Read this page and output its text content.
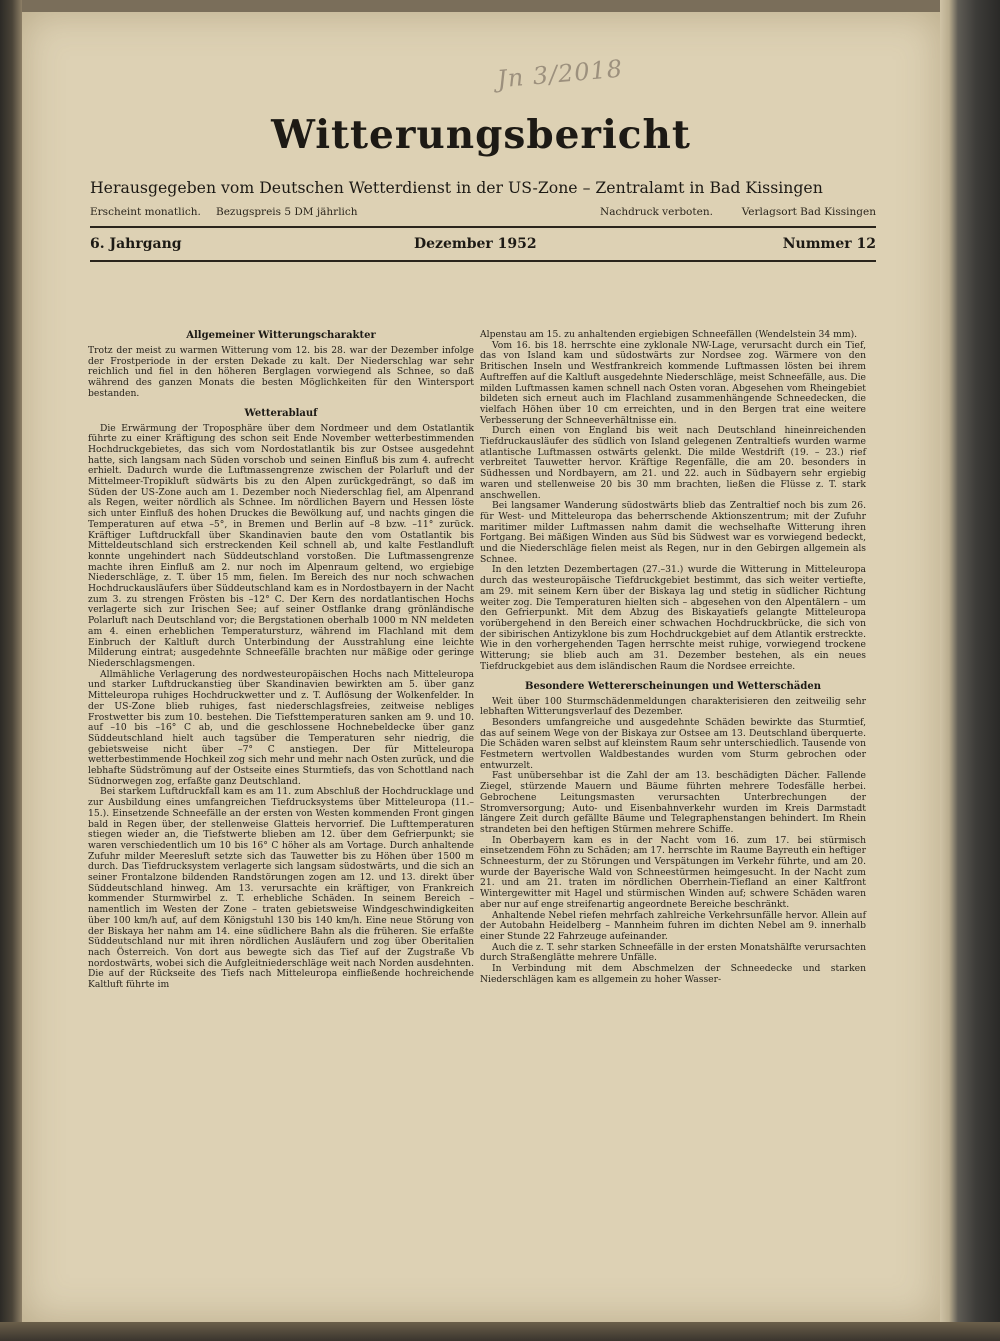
Jn 3/2018
Witterungsbericht
Herausgegeben vom Deutschen Wetterdienst in der US-Zone – Zentralamt in Bad Kissingen
Erscheint monatlich. Bezugspreis 5 DM jährlich	Nachdruck verboten.	Verlagsort Bad Kissingen
6. Jahrgang	Dezember 1952	Nummer 12
Allgemeiner Witterungscharakter

Trotz der meist zu warmen Witterung vom 12. bis 28. war der Dezember infolge der Frostperiode in der ersten Dekade zu kalt. Der Niederschlag war sehr reichlich und fiel in den höheren Berglagen vorwiegend als Schnee, so daß während des ganzen Monats die besten Möglichkeiten für den Wintersport bestanden.

Wetterablauf

Die Erwärmung der Troposphäre über dem Nordmeer und dem Ostatlantik führte zu einer Kräftigung des schon seit Ende November wetterbestimmenden Hochdruckgebietes, das sich vom Nordostatlantik bis zur Ostsee ausgedehnt hatte, sich langsam nach Süden vorschob und seinen Einfluß bis zum 4. aufrecht erhielt. Dadurch wurde die Luftmassengrenze zwischen der Polarluft und der Mittelmeer-Tropikluft südwärts bis zu den Alpen zurückgedrängt, so daß im Süden der US-Zone auch am 1. Dezember noch Niederschlag fiel, am Alpenrand als Regen, weiter nördlich als Schnee. Im nördlichen Bayern und Hessen löste sich unter Einfluß des hohen Druckes die Bewölkung auf, und nachts gingen die Temperaturen auf etwa –5°, in Bremen und Berlin auf –8 bzw. –11° zurück. Kräftiger Luftdruckfall über Skandinavien baute den vom Ostatlantik bis Mitteldeutschland sich erstreckenden Keil schnell ab, und kalte Festlandluft konnte ungehindert nach Süddeutschland vorstoßen. Die Luftmassengrenze machte ihren Einfluß am 2. nur noch im Alpenraum geltend, wo ergiebige Niederschläge, z. T. über 15 mm, fielen. Im Bereich des nur noch schwachen Hochdruckausläufers über Süddeutschland kam es in Nordostbayern in der Nacht zum 3. zu strengen Frösten bis –12° C. Der Kern des nordatlantischen Hochs verlagerte sich zur Irischen See; auf seiner Ostflanke drang grönländische Polarluft nach Deutschland vor; die Bergstationen oberhalb 1000 m NN meldeten am 4. einen erheblichen Temperatursturz, während im Flachland mit dem Einbruch der Kaltluft durch Unterbindung der Ausstrahlung eine leichte Milderung eintrat; ausgedehnte Schneefälle brachten nur mäßige oder geringe Niederschlagsmengen.

Allmähliche Verlagerung des nordwesteuropäischen Hochs nach Mitteleuropa und starker Luftdruckanstieg über Skandinavien bewirkten am 5. über ganz Mitteleuropa ruhiges Hochdruckwetter und z. T. Auflösung der Wolkenfelder. In der US-Zone blieb ruhiges, fast niederschlagsfreies, zeitweise nebliges Frostwetter bis zum 10. bestehen. Die Tiefsttemperaturen sanken am 9. und 10. auf –10 bis –16° C ab, und die geschlossene Hochnebeldecke über ganz Süddeutschland hielt auch tagsüber die Temperaturen sehr niedrig, die gebietsweise nicht über –7° C anstiegen. Der für Mitteleuropa wetterbestimmende Hochkeil zog sich mehr und mehr nach Osten zurück, und die lebhafte Südströmung auf der Ostseite eines Sturmtiefs, das von Schottland nach Südnorwegen zog, erfaßte ganz Deutschland.

Bei starkem Luftdruckfall kam es am 11. zum Abschluß der Hochdrucklage und zur Ausbildung eines umfangreichen Tiefdrucksystems über Mitteleuropa (11.–15.). Einsetzende Schneefälle an der ersten von Westen kommenden Front gingen bald in Regen über, der stellenweise Glatteis hervorrief. Die Lufttemperaturen stiegen wieder an, die Tiefstwerte blieben am 12. über dem Gefrierpunkt; sie waren verschiedentlich um 10 bis 16° C höher als am Vortage. Durch anhaltende Zufuhr milder Meeresluft setzte sich das Tauwetter bis zu Höhen über 1500 m durch. Das Tiefdrucksystem verlagerte sich langsam südostwärts, und die sich an seiner Frontalzone bildenden Randstörungen zogen am 12. und 13. direkt über Süddeutschland hinweg. Am 13. verursachte ein kräftiger, von Frankreich kommender Sturmwirbel z. T. erhebliche Schäden. In seinem Bereich – namentlich im Westen der Zone – traten gebietsweise Windgeschwindigkeiten über 100 km/h auf, auf dem Königstuhl 130 bis 140 km/h. Eine neue Störung von der Biskaya her nahm am 14. eine südlichere Bahn als die früheren. Sie erfaßte Süddeutschland nur mit ihren nördlichen Ausläufern und zog über Oberitalien nach Österreich. Von dort aus bewegte sich das Tief auf der Zugstraße Vb nordostwärts, wobei sich die Aufgleitniederschläge weit nach Norden ausdehnten. Die auf der Rückseite des Tiefs nach Mitteleuropa einfließende hochreichende Kaltluft führte im

Alpenstau am 15. zu anhaltenden ergiebigen Schneefällen (Wendelstein 34 mm).

Vom 16. bis 18. herrschte eine zyklonale NW-Lage, verursacht durch ein Tief, das von Island kam und südostwärts zur Nordsee zog. Wärmere von den Britischen Inseln und Westfrankreich kommende Luftmassen lösten bei ihrem Auftreffen auf die Kaltluft ausgedehnte Niederschläge, meist Schneefälle, aus. Die milden Luftmassen kamen schnell nach Osten voran. Abgesehen vom Rheingebiet bildeten sich erneut auch im Flachland zusammenhängende Schneedecken, die vielfach Höhen über 10 cm erreichten, und in den Bergen trat eine weitere Verbesserung der Schneeverhältnisse ein.

Durch einen von England bis weit nach Deutschland hineinreichenden Tiefdruckausläufer des südlich von Island gelegenen Zentraltiefs wurden warme atlantische Luftmassen ostwärts gelenkt. Die milde Westdrift (19. – 23.) rief verbreitet Tauwetter hervor. Kräftige Regenfälle, die am 20. besonders in Südhessen und Nordbayern, am 21. und 22. auch in Südbayern sehr ergiebig waren und stellenweise 20 bis 30 mm brachten, ließen die Flüsse z. T. stark anschwellen.

Bei langsamer Wanderung südostwärts blieb das Zentraltief noch bis zum 26. für West- und Mitteleuropa das beherrschende Aktionszentrum; mit der Zufuhr maritimer milder Luftmassen nahm damit die wechselhafte Witterung ihren Fortgang. Bei mäßigen Winden aus Süd bis Südwest war es vorwiegend bedeckt, und die Niederschläge fielen meist als Regen, nur in den Gebirgen allgemein als Schnee.

In den letzten Dezembertagen (27.–31.) wurde die Witterung in Mitteleuropa durch das westeuropäische Tiefdruckgebiet bestimmt, das sich weiter vertiefte, am 29. mit seinem Kern über der Biskaya lag und stetig in südlicher Richtung weiter zog. Die Temperaturen hielten sich – abgesehen von den Alpentälern – um den Gefrierpunkt. Mit dem Abzug des Biskayatiefs gelangte Mitteleuropa vorübergehend in den Bereich einer schwachen Hochdruckbrücke, die sich von der sibirischen Antizyklone bis zum Hochdruckgebiet auf dem Atlantik erstreckte. Wie in den vorhergehenden Tagen herrschte meist ruhige, vorwiegend trockene Witterung; sie blieb auch am 31. Dezember bestehen, als ein neues Tiefdruckgebiet aus dem isländischen Raum die Nordsee erreichte.

Besondere Wettererscheinungen und Wetterschäden

Weit über 100 Sturmschädenmeldungen charakterisieren den zeitweilig sehr lebhaften Witterungsverlauf des Dezember.

Besonders umfangreiche und ausgedehnte Schäden bewirkte das Sturmtief, das auf seinem Wege von der Biskaya zur Ostsee am 13. Deutschland überquerte. Die Schäden waren selbst auf kleinstem Raum sehr unterschiedlich. Tausende von Festmetern wertvollen Waldbestandes wurden vom Sturm gebrochen oder entwurzelt.

Fast unübersehbar ist die Zahl der am 13. beschädigten Dächer. Fallende Ziegel, stürzende Mauern und Bäume führten mehrere Todesfälle herbei. Gebrochene Leitungsmasten verursachten Unterbrechungen der Stromversorgung; Auto- und Eisenbahnverkehr wurden im Kreis Darmstadt längere Zeit durch gefällte Bäume und Telegraphenstangen behindert. Im Rhein strandeten bei den heftigen Stürmen mehrere Schiffe.

In Oberbayern kam es in der Nacht vom 16. zum 17. bei stürmisch einsetzendem Föhn zu Schäden; am 17. herrschte im Raume Bayreuth ein heftiger Schneesturm, der zu Störungen und Verspätungen im Verkehr führte, und am 20. wurde der Bayerische Wald von Schneestürmen heimgesucht. In der Nacht zum 21. und am 21. traten im nördlichen Oberrhein-Tiefland an einer Kaltfront Wintergewitter mit Hagel und stürmischen Winden auf; schwere Schäden waren aber nur auf enge streifenartig angeordnete Bereiche beschränkt.

Anhaltende Nebel riefen mehrfach zahlreiche Verkehrsunfälle hervor. Allein auf der Autobahn Heidelberg – Mannheim fuhren im dichten Nebel am 9. innerhalb einer Stunde 22 Fahrzeuge aufeinander.

Auch die z. T. sehr starken Schneefälle in der ersten Monatshälfte verursachten durch Straßenglätte mehrere Unfälle.

In Verbindung mit dem Abschmelzen der Schneedecke und starken Niederschlägen kam es allgemein zu hoher Wasser-
